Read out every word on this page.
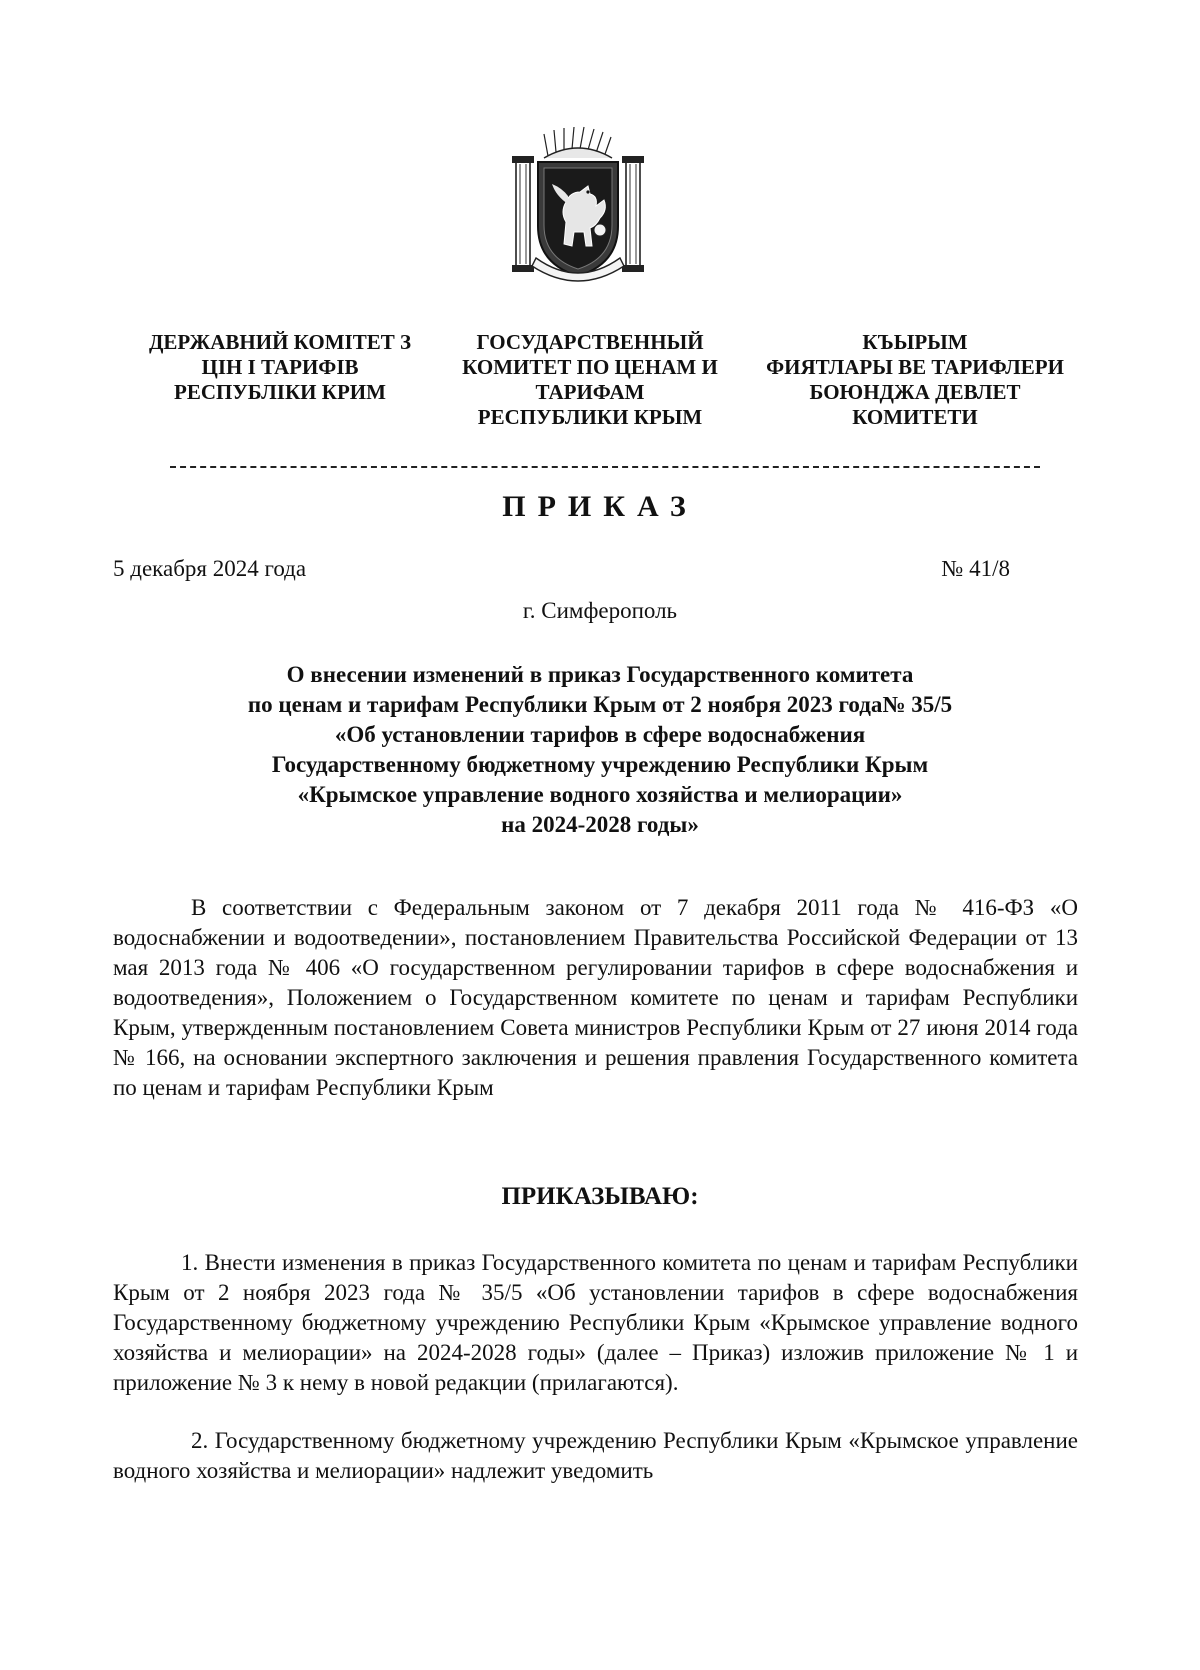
ДЕРЖАВНИЙ КОМІТЕТ З
ЦІН І ТАРИФІВ
РЕСПУБЛІКИ КРИМ
ГОСУДАРСТВЕННЫЙ
КОМИТЕТ ПО ЦЕНАМ И
ТАРИФАМ
РЕСПУБЛИКИ КРЫМ
КЪЫРЫМ
ФИЯТЛАРЫ ВЕ ТАРИФЛЕРИ
БОЮНДЖА ДЕВЛЕТ
КОМИТЕТИ
ПРИКАЗ
5 декабря 2024 года	№ 41/8
г. Симферополь
О внесении изменений в приказ Государственного комитета
по ценам и тарифам Республики Крым от 2 ноября 2023 года№ 35/5
«Об установлении тарифов в сфере водоснабжения
Государственному бюджетному учреждению Республики Крым
«Крымское управление водного хозяйства и мелиорации»
на 2024-2028 годы»
В соответствии с Федеральным законом от 7 декабря 2011 года № 416-ФЗ «О водоснабжении и водоотведении», постановлением Правительства Российской Федерации от 13 мая 2013 года № 406 «О государственном регулировании тарифов в сфере водоснабжения и водоотведения», Положением о Государственном комитете по ценам и тарифам Республики Крым, утвержденным постановлением Совета министров Республики Крым от 27 июня 2014 года № 166, на основании экспертного заключения и решения правления Государственного комитета по ценам и тарифам Республики Крым
ПРИКАЗЫВАЮ:
1. Внести изменения в приказ Государственного комитета по ценам и тарифам Республики Крым от 2 ноября 2023 года № 35/5 «Об установлении тарифов в сфере водоснабжения Государственному бюджетному учреждению Республики Крым «Крымское управление водного хозяйства и мелиорации» на 2024-2028 годы» (далее – Приказ) изложив приложение № 1 и приложение № 3 к нему в новой редакции (прилагаются).
2. Государственному бюджетному учреждению Республики Крым «Крымское управление водного хозяйства и мелиорации» надлежит уведомить
